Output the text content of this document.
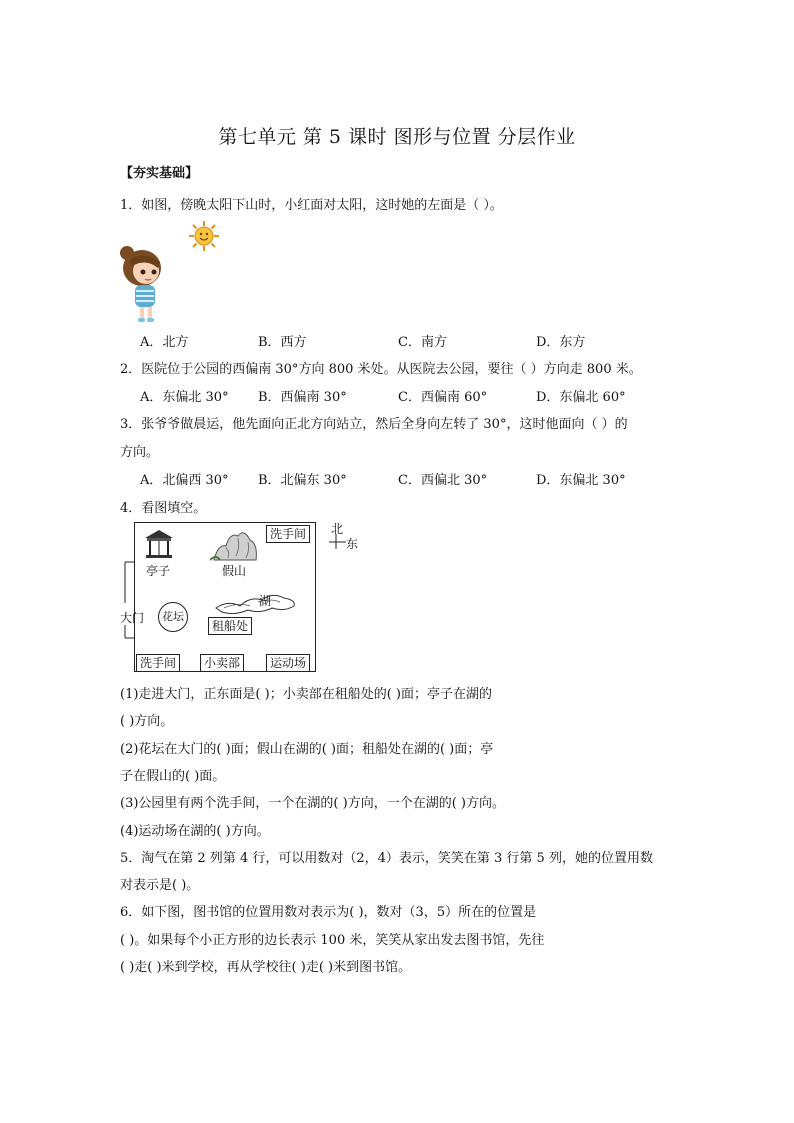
第七单元 第 5 课时 图形与位置 分层作业
【夯实基础】
1．如图，傍晚太阳下山时，小红面对太阳，这时她的左面是（ ）。
A．北方	B．西方	C．南方	D．东方
2．医院位于公园的西偏南 30°方向 800 米处。从医院去公园，要往（ ）方向走 800 米。
A．东偏北 30° B．西偏南 30°	C．西偏南 60°	D．东偏北 60°
3．张爷爷做晨运，他先面向正北方向站立，然后全身向左转了 30°，这时他面向（ ）的
方向。
A．北偏西 30° B．北偏东 30°	C．西偏北 30°	D．东偏北 30°
4．看图填空。
亭子	假山
洗手间	北
东
大门	花坛
湖
租船处
洗手间	小卖部	运动场
(1)走进大门，正东面是( )；小卖部在租船处的( )面；亭子在湖的
( )方向。
(2)花坛在大门的( )面；假山在湖的( )面；租船处在湖的( )面；亭
子在假山的( )面。
(3)公园里有两个洗手间，一个在湖的( )方向，一个在湖的( )方向。
(4)运动场在湖的( )方向。
5．淘气在第 2 列第 4 行，可以用数对（2，4）表示，笑笑在第 3 行第 5 列，她的位置用数
对表示是( )。
6．如下图，图书馆的位置用数对表示为( )，数对（3，5）所在的位置是
( )。如果每个小正方形的边长表示 100 米，笑笑从家出发去图书馆，先往
( )走( )米到学校，再从学校往( )走( )米到图书馆。
